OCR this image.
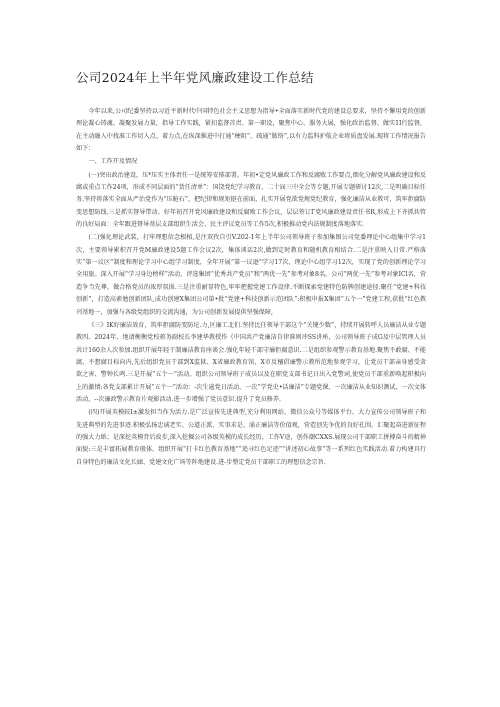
公司2024年上半年党风廉政建设工作总结

今年以来,公司纪委坚持以习近平新时代中国特色社会主义思想为指导•全面落实新时代党的建设总要求，坚持不懈用党的创新理论凝心铸魂、凝聚发展力量，指导工作实践，紧扣监督首责、第一职设，聚焦中心、服务大展，强化政治监督、做实1Ⅰ行监督，在主动融入中找准工作切入点、着力点,在纵深推进中打通“梗阻”、疏通“脓络”,以有力监科护航企业将质盘发展.现将工作情况报告如下：

一、工作开及情况

(一)突出政治建设，压*压实主体责任一是统筹安排部署。年初•定党风廉政工作和反腐败工作要点,细化分解党风廉政建设和反腐或重点工作24项，形成不同层面的“货任清单”：国饶党纪学习教育、二十届三中全会等专题,开展专题研讨12次,二是明确目标任务.坚持将落实全面从严治党作为“压舱石”，把纪律和规矩挺在前面，扎实开展党欲党规党纪教育，强化廉洁从业教可，筑牢拒腐防变思想防线.三是抓实督导带动。好年初召开党风廉政建设和反腐败工作会议，层层签订Γ党风廉政建设责任书R,形成上下齐抓共管的良好局面：全年跟进督导基层支部组织生活会、民主评议党员等工作5次,积极推动党内法规制度落地落实.

(二)强化理论武装，打牢理想信念根植,是注双孜自引V.202-1年上半年公司领导班子参加集图公司党委理论中心组集中学习1次，主要领导累积召开党M廉政建设5题工作会议2次，集体谈话2次,做到定时教育和随机教育相结合.二是注重映入日常.严格落实“第一议区”制度和理论学习中心组学习制度，全年开展“第一议逊”学习17次、理论中心组学习12次，实现了党的创新理论学习全用旅。深入开展“学习身边榜样”活动，评选集团“优秀共产党员”和“两优一先”参考对象8名，公司“两优一先”参考对象ICl名，营造争当先尊、做合格党员的浓厚氛围.三是注重耐显特色,牢牢把握党建工作设律.不断探索党建特色防牌创建途径.聚任“党建+科技创新”，打造高素勉创新团队,成功创建X集团公司第•批“党建+科技创新示范团队”:积极申报X集团“五个一”党建工程,获批“红色教刊基地一，加强与各级党组织的交流沟通，为公司创新发展提供坚强保障,

《三》IK好廉洁效育，筑牢拒腐防变防坨.力,区廉工北们.坚持比任领导干部这个“关键少数”，持续开展转呼人员廉洁从业专题教四。2024年，地请衡衡党校蒋务副校长李建华教授作《中国共产党廉洁自律准则冲SS讲座，公司领导班子成G及中层管理人员共计160余人次参加.组织开展年轻干制廉洁教育座谈会.强化年轻干部守廉拒腐意识.二是组织参观警示教育基地.聚焦不敢腐、不能腐、不想腐目标向内,先后组织党员干部到X监狱、X省廉政教育馆、X市反檀倡廉警示教所范地参观学习，让党员干部亲身感受贪欲之害、警钟长鸣.三是开展“五个一”活动。组织公司领导班子成员以及在职党支部书记日出入党警词,使党员干部重新唤起积极向上的激情:各党支部累计开展“五个一”活动：-次生逾党日活动、一次“学党史•话廉洁”专题党课、一次廉洁从业知识测试、一次文体活动、--次廉政警示教育片观影活动.进一步增强了党员意识.提升了党员修养.

(四)开展英模较I±激发担当作为活力.是广泛宣传先进典型,充分利用网站、微信公众号等媒体平台，大力宣传公司领导班子和先进典型的先进事迹.积极弘扬忠诚老实、公道正派、实事求是、涌正廉洁等价值观，营造创先争优的良好孔围，汇聚起奋进新征程的强大力紙；是深挖英模背后故步,深入挖掘公司各级英模的成长经历、工作V途，创作潮CXXS.展现公司干部职工拼搏奋斗的精神面貌:三是丰富拓展教育般体，组织开展“打卡红色教育基地”“追寻红色足迹”“讲述初心故事”等一系列红色实践活动.着力构建具行自身特色的廉洁文化长廊、党建文化广场等阵地建设.进-步整定党员干部职工的理想信念宗旨.
